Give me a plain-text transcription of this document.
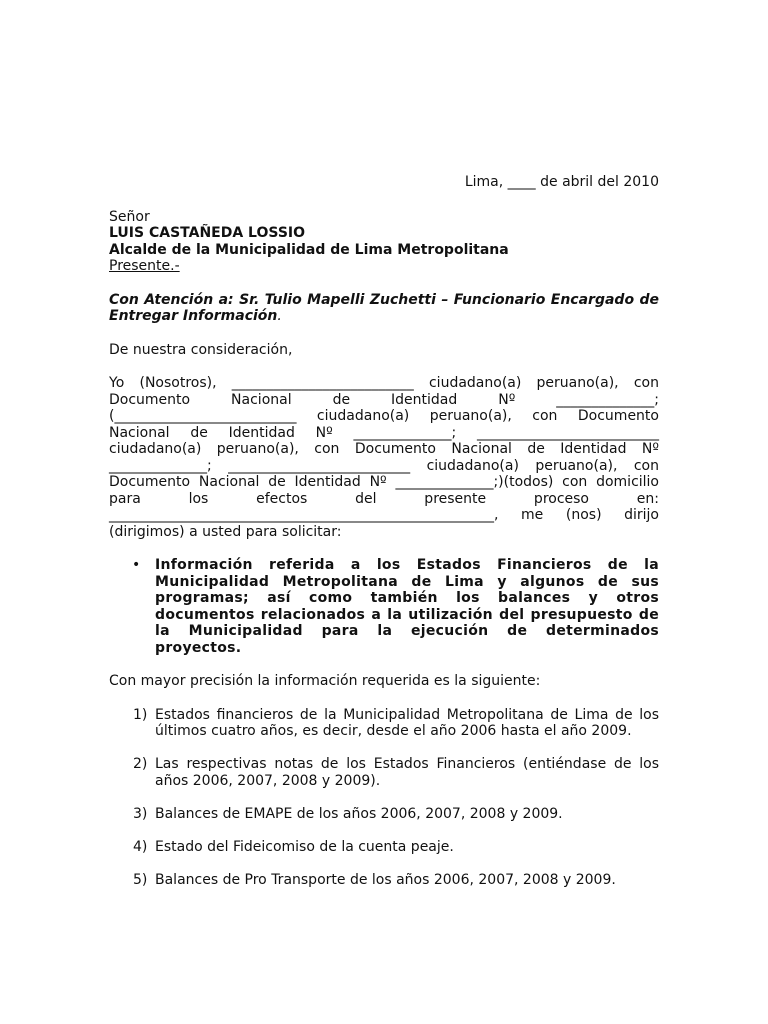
Lima, ____ de abril del 2010
Señor
LUIS CASTAÑEDA LOSSIO
Alcalde de la Municipalidad de Lima Metropolitana
Presente.-
Con Atención a: Sr. Tulio Mapelli Zuchetti – Funcionario Encargado de Entregar Información.
De nuestra consideración,
Yo (Nosotros), __________________________ ciudadano(a) peruano(a), con Documento Nacional de Identidad Nº ______________; (__________________________ ciudadano(a) peruano(a), con Documento Nacional de Identidad Nº ______________; __________________________ ciudadano(a) peruano(a), con Documento Nacional de Identidad Nº ______________; __________________________ ciudadano(a) peruano(a), con Documento Nacional de Identidad Nº ______________;)(todos) con domicilio para los efectos del presente proceso en: _______________________________________________________, me (nos) dirijo (dirigimos) a usted para solicitar:
• Información referida a los Estados Financieros de la Municipalidad Metropolitana de Lima y algunos de sus programas; así como también los balances y otros documentos relacionados a la utilización del presupuesto de la Municipalidad para la ejecución de determinados proyectos.
Con mayor precisión la información requerida es la siguiente:
1) Estados financieros de la Municipalidad Metropolitana de Lima de los últimos cuatro años, es decir, desde el año 2006 hasta el año 2009.
2) Las respectivas notas de los Estados Financieros (entiéndase de los años 2006, 2007, 2008 y 2009).
3) Balances de EMAPE de los años 2006, 2007, 2008 y 2009.
4) Estado del Fideicomiso de la cuenta peaje.
5) Balances de Pro Transporte de los años 2006, 2007, 2008 y 2009.
